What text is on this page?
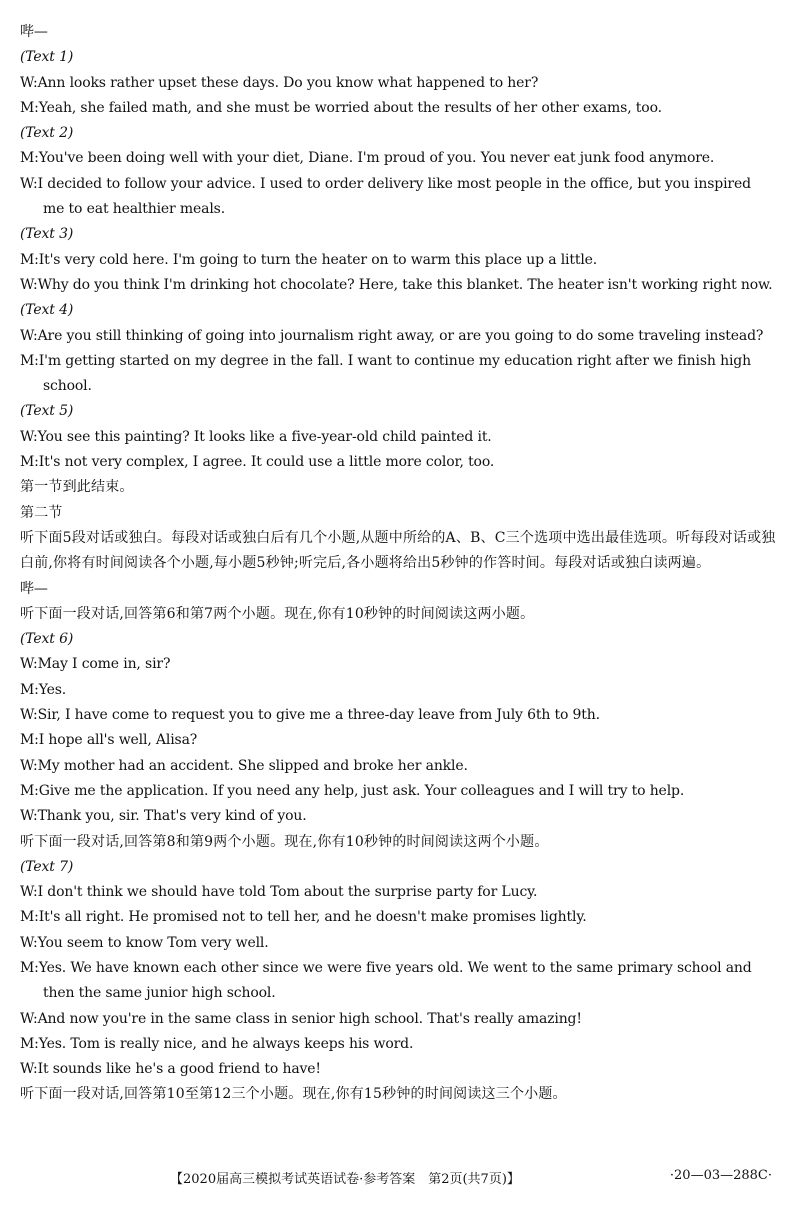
哔—

(Text 1)

W:Ann looks rather upset these days. Do you know what happened to her?

M:Yeah, she failed math, and she must be worried about the results of her other exams, too.

(Text 2)

M:You've been doing well with your diet, Diane. I'm proud of you. You never eat junk food anymore.

W:I decided to follow your advice. I used to order delivery like most people in the office, but you inspired me to eat healthier meals.

(Text 3)

M:It's very cold here. I'm going to turn the heater on to warm this place up a little.

W:Why do you think I'm drinking hot chocolate? Here, take this blanket. The heater isn't working right now.

(Text 4)

W:Are you still thinking of going into journalism right away, or are you going to do some traveling instead?

M:I'm getting started on my degree in the fall. I want to continue my education right after we finish high school.

(Text 5)

W:You see this painting? It looks like a five-year-old child painted it.

M:It's not very complex, I agree. It could use a little more color, too.

第一节到此结束。

第二节

听下面5段对话或独白。每段对话或独白后有几个小题,从题中所给的A、B、C三个选项中选出最佳选项。听每段对话或独白前,你将有时间阅读各个小题,每小题5秒钟;听完后,各小题将给出5秒钟的作答时间。每段对话或独白读两遍。

哔—

听下面一段对话,回答第6和第7两个小题。现在,你有10秒钟的时间阅读这两小题。

(Text 6)

W:May I come in, sir?

M:Yes.

W:Sir, I have come to request you to give me a three-day leave from July 6th to 9th.

M:I hope all's well, Alisa?

W:My mother had an accident. She slipped and broke her ankle.

M:Give me the application. If you need any help, just ask. Your colleagues and I will try to help.

W:Thank you, sir. That's very kind of you.

听下面一段对话,回答第8和第9两个小题。现在,你有10秒钟的时间阅读这两个小题。

(Text 7)

W:I don't think we should have told Tom about the surprise party for Lucy.

M:It's all right. He promised not to tell her, and he doesn't make promises lightly.

W:You seem to know Tom very well.

M:Yes. We have known each other since we were five years old. We went to the same primary school and then the same junior high school.

W:And now you're in the same class in senior high school. That's really amazing!

M:Yes. Tom is really nice, and he always keeps his word.

W:It sounds like he's a good friend to have!

听下面一段对话,回答第10至第12三个小题。现在,你有15秒钟的时间阅读这三个小题。

【2020届高三模拟考试英语试卷·参考答案　第2页(共7页)】	·20—03—288C·
